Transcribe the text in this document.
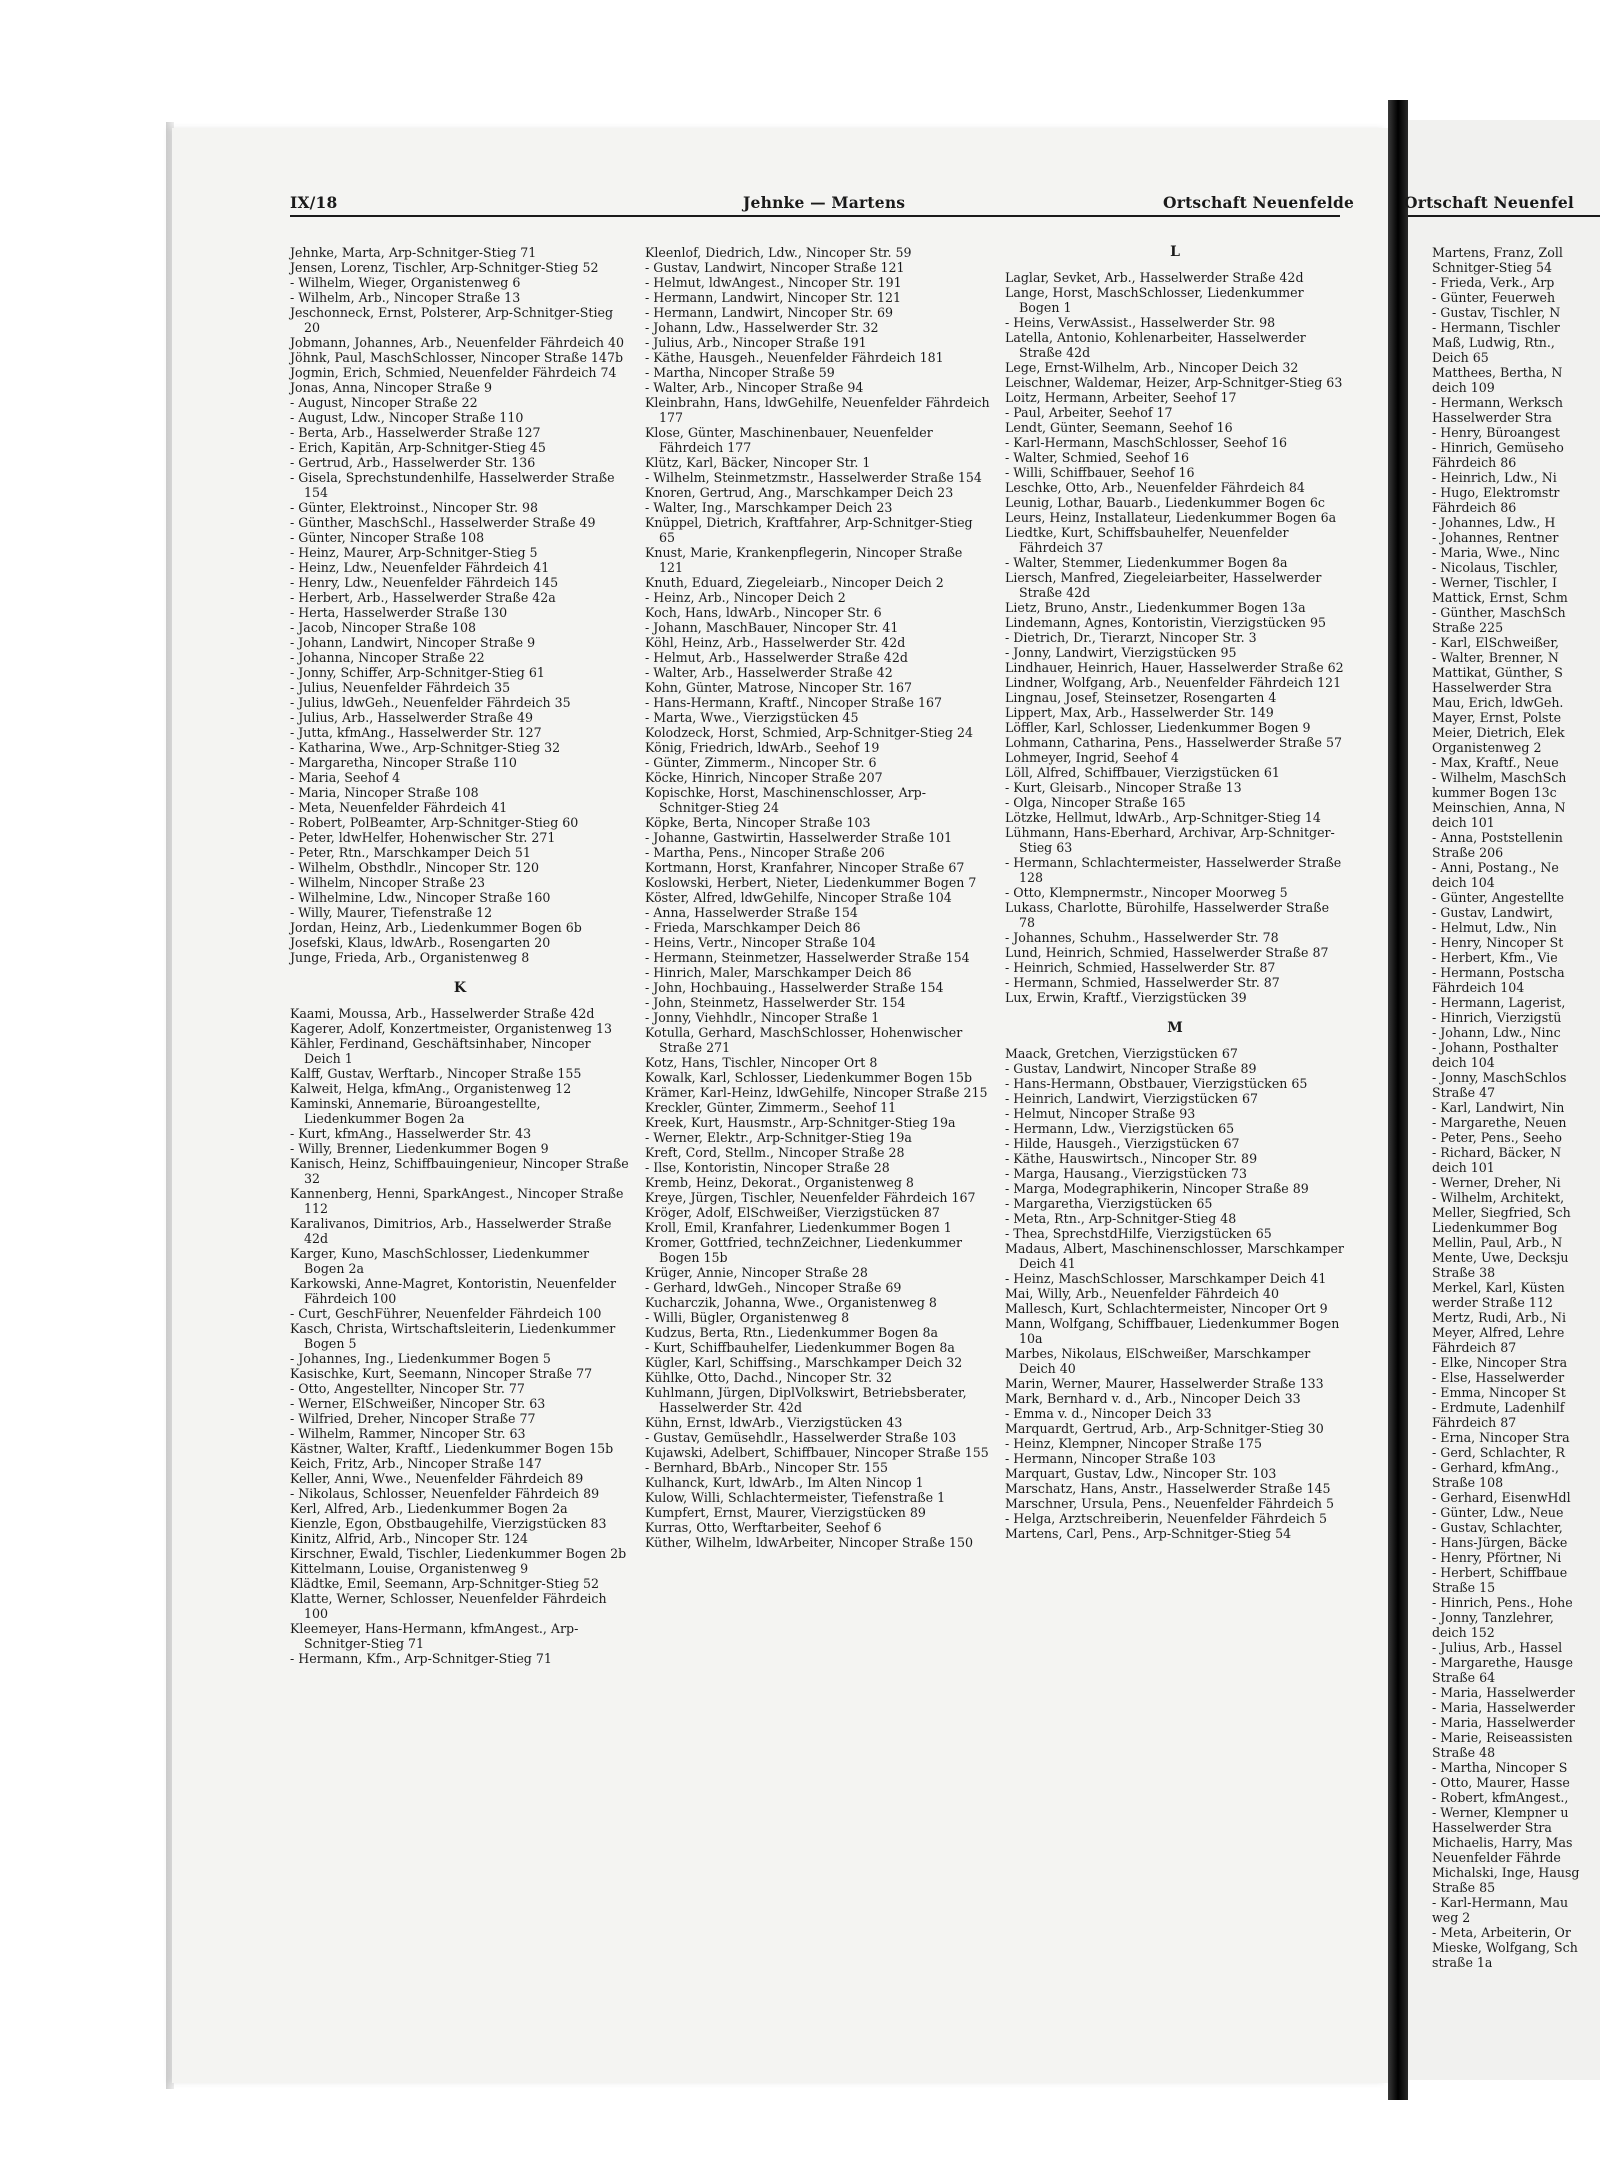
IX/18	Jehnke — Martens	Ortschaft Neuenfelde	Ortschaft Neuenfel
Jehnke, Marta, Arp-Schnitger-Stieg 71
Jensen, Lorenz, Tischler, Arp-Schnitger-Stieg 52
- Wilhelm, Wieger, Organistenweg 6
- Wilhelm, Arb., Nincoper Straße 13
Jeschonneck, Ernst, Polsterer, Arp-Schnitger-Stieg 20
Jobmann, Johannes, Arb., Neuenfelder Fährdeich 40
Jöhnk, Paul, MaschSchlosser, Nincoper Straße 147b
Jogmin, Erich, Schmied, Neuenfelder Fährdeich 74
Jonas, Anna, Nincoper Straße 9
- August, Nincoper Straße 22
- August, Ldw., Nincoper Straße 110
- Berta, Arb., Hasselwerder Straße 127
- Erich, Kapitän, Arp-Schnitger-Stieg 45
- Gertrud, Arb., Hasselwerder Str. 136
- Gisela, Sprechstundenhilfe, Hasselwerder Straße 154
- Günter, Elektroinst., Nincoper Str. 98
- Günther, MaschSchl., Hasselwerder Straße 49
- Günter, Nincoper Straße 108
- Heinz, Maurer, Arp-Schnitger-Stieg 5
- Heinz, Ldw., Neuenfelder Fährdeich 41
- Henry, Ldw., Neuenfelder Fährdeich 145
- Herbert, Arb., Hasselwerder Straße 42a
- Herta, Hasselwerder Straße 130
- Jacob, Nincoper Straße 108
- Johann, Landwirt, Nincoper Straße 9
- Johanna, Nincoper Straße 22
- Jonny, Schiffer, Arp-Schnitger-Stieg 61
- Julius, Neuenfelder Fährdeich 35
- Julius, ldwGeh., Neuenfelder Fährdeich 35
- Julius, Arb., Hasselwerder Straße 49
- Jutta, kfmAng., Hasselwerder Str. 127
- Katharina, Wwe., Arp-Schnitger-Stieg 32
- Margaretha, Nincoper Straße 110
- Maria, Seehof 4
- Maria, Nincoper Straße 108
- Meta, Neuenfelder Fährdeich 41
- Robert, PolBeamter, Arp-Schnitger-Stieg 60
- Peter, ldwHelfer, Hohenwischer Str. 271
- Peter, Rtn., Marschkamper Deich 51
- Wilhelm, Obsthdlr., Nincoper Str. 120
- Wilhelm, Nincoper Straße 23
- Wilhelmine, Ldw., Nincoper Straße 160
- Willy, Maurer, Tiefenstraße 12
Jordan, Heinz, Arb., Liedenkummer Bogen 6b
Josefski, Klaus, ldwArb., Rosengarten 20
Junge, Frieda, Arb., Organistenweg 8
K
Kaami, Moussa, Arb., Hasselwerder Straße 42d
Kagerer, Adolf, Konzertmeister, Organistenweg 13
Kähler, Ferdinand, Geschäftsinhaber, Nincoper Deich 1
Kalff, Gustav, Werftarb., Nincoper Straße 155
Kalweit, Helga, kfmAng., Organistenweg 12
Kaminski, Annemarie, Büroangestellte, Liedenkummer Bogen 2a
- Kurt, kfmAng., Hasselwerder Str. 43
- Willy, Brenner, Liedenkummer Bogen 9
Kanisch, Heinz, Schiffbauingenieur, Nincoper Straße 32
Kannenberg, Henni, SparkAngest., Nincoper Straße 112
Karalivanos, Dimitrios, Arb., Hasselwerder Straße 42d
Karger, Kuno, MaschSchlosser, Liedenkummer Bogen 2a
Karkowski, Anne-Magret, Kontoristin, Neuenfelder Fährdeich 100
- Curt, GeschFührer, Neuenfelder Fährdeich 100
Kasch, Christa, Wirtschaftsleiterin, Liedenkummer Bogen 5
- Johannes, Ing., Liedenkummer Bogen 5
Kasischke, Kurt, Seemann, Nincoper Straße 77
- Otto, Angestellter, Nincoper Str. 77
- Werner, ElSchweißer, Nincoper Str. 63
- Wilfried, Dreher, Nincoper Straße 77
- Wilhelm, Rammer, Nincoper Str. 63
Kästner, Walter, Kraftf., Liedenkummer Bogen 15b
Keich, Fritz, Arb., Nincoper Straße 147
Keller, Anni, Wwe., Neuenfelder Fährdeich 89
- Nikolaus, Schlosser, Neuenfelder Fährdeich 89
Kerl, Alfred, Arb., Liedenkummer Bogen 2a
Kienzle, Egon, Obstbaugehilfe, Vierzigstücken 83
Kinitz, Alfrid, Arb., Nincoper Str. 124
Kirschner, Ewald, Tischler, Liedenkummer Bogen 2b
Kittelmann, Louise, Organistenweg 9
Klädtke, Emil, Seemann, Arp-Schnitger-Stieg 52
Klatte, Werner, Schlosser, Neuenfelder Fährdeich 100
Kleemeyer, Hans-Hermann, kfmAngest., Arp-Schnitger-Stieg 71
- Hermann, Kfm., Arp-Schnitger-Stieg 71
Kleenlof, Diedrich, Ldw., Nincoper Str. 59
- Gustav, Landwirt, Nincoper Straße 121
- Helmut, ldwAngest., Nincoper Str. 191
- Hermann, Landwirt, Nincoper Str. 121
- Hermann, Landwirt, Nincoper Str. 69
- Johann, Ldw., Hasselwerder Str. 32
- Julius, Arb., Nincoper Straße 191
- Käthe, Hausgeh., Neuenfelder Fährdeich 181
- Martha, Nincoper Straße 59
- Walter, Arb., Nincoper Straße 94
Kleinbrahn, Hans, ldwGehilfe, Neuenfelder Fährdeich 177
Klose, Günter, Maschinenbauer, Neuenfelder Fährdeich 177
Klütz, Karl, Bäcker, Nincoper Str. 1
- Wilhelm, Steinmetzmstr., Hasselwerder Straße 154
Knoren, Gertrud, Ang., Marschkamper Deich 23
- Walter, Ing., Marschkamper Deich 23
Knüppel, Dietrich, Kraftfahrer, Arp-Schnitger-Stieg 65
Knust, Marie, Krankenpflegerin, Nincoper Straße 121
Knuth, Eduard, Ziegeleiarb., Nincoper Deich 2
- Heinz, Arb., Nincoper Deich 2
Koch, Hans, ldwArb., Nincoper Str. 6
- Johann, MaschBauer, Nincoper Str. 41
Köhl, Heinz, Arb., Hasselwerder Str. 42d
- Helmut, Arb., Hasselwerder Straße 42d
- Walter, Arb., Hasselwerder Straße 42
Kohn, Günter, Matrose, Nincoper Str. 167
- Hans-Hermann, Kraftf., Nincoper Straße 167
- Marta, Wwe., Vierzigstücken 45
Kolodzeck, Horst, Schmied, Arp-Schnitger-Stieg 24
König, Friedrich, ldwArb., Seehof 19
- Günter, Zimmerm., Nincoper Str. 6
Köcke, Hinrich, Nincoper Straße 207
Kopischke, Horst, Maschinenschlosser, Arp-Schnitger-Stieg 24
Köpke, Berta, Nincoper Straße 103
- Johanne, Gastwirtin, Hasselwerder Straße 101
- Martha, Pens., Nincoper Straße 206
Kortmann, Horst, Kranfahrer, Nincoper Straße 67
Koslowski, Herbert, Nieter, Liedenkummer Bogen 7
Köster, Alfred, ldwGehilfe, Nincoper Straße 104
- Anna, Hasselwerder Straße 154
- Frieda, Marschkamper Deich 86
- Heins, Vertr., Nincoper Straße 104
- Hermann, Steinmetzer, Hasselwerder Straße 154
- Hinrich, Maler, Marschkamper Deich 86
- John, Hochbauing., Hasselwerder Straße 154
- John, Steinmetz, Hasselwerder Str. 154
- Jonny, Viehhdlr., Nincoper Straße 1
Kotulla, Gerhard, MaschSchlosser, Hohenwischer Straße 271
Kotz, Hans, Tischler, Nincoper Ort 8
Kowalk, Karl, Schlosser, Liedenkummer Bogen 15b
Krämer, Karl-Heinz, ldwGehilfe, Nincoper Straße 215
Kreckler, Günter, Zimmerm., Seehof 11
Kreek, Kurt, Hausmstr., Arp-Schnitger-Stieg 19a
- Werner, Elektr., Arp-Schnitger-Stieg 19a
Kreft, Cord, Stellm., Nincoper Straße 28
- Ilse, Kontoristin, Nincoper Straße 28
Kremb, Heinz, Dekorat., Organistenweg 8
Kreye, Jürgen, Tischler, Neuenfelder Fährdeich 167
Kröger, Adolf, ElSchweißer, Vierzigstücken 87
Kroll, Emil, Kranfahrer, Liedenkummer Bogen 1
Kromer, Gottfried, technZeichner, Liedenkummer Bogen 15b
Krüger, Annie, Nincoper Straße 28
- Gerhard, ldwGeh., Nincoper Straße 69
Kucharczik, Johanna, Wwe., Organistenweg 8
- Willi, Bügler, Organistenweg 8
Kudzus, Berta, Rtn., Liedenkummer Bogen 8a
- Kurt, Schiffbauhelfer, Liedenkummer Bogen 8a
Kügler, Karl, Schiffsing., Marschkamper Deich 32
Kühlke, Otto, Dachd., Nincoper Str. 32
Kuhlmann, Jürgen, DiplVolkswirt, Betriebsberater, Hasselwerder Str. 42d
Kühn, Ernst, ldwArb., Vierzigstücken 43
- Gustav, Gemüsehdlr., Hasselwerder Straße 103
Kujawski, Adelbert, Schiffbauer, Nincoper Straße 155
- Bernhard, BbArb., Nincoper Str. 155
Kulhanck, Kurt, ldwArb., Im Alten Nincop 1
Kulow, Willi, Schlachtermeister, Tiefenstraße 1
Kumpfert, Ernst, Maurer, Vierzigstücken 89
Kurras, Otto, Werftarbeiter, Seehof 6
Küther, Wilhelm, ldwArbeiter, Nincoper Straße 150
L
Laglar, Sevket, Arb., Hasselwerder Straße 42d
Lange, Horst, MaschSchlosser, Liedenkummer Bogen 1
- Heins, VerwAssist., Hasselwerder Str. 98
Latella, Antonio, Kohlenarbeiter, Hasselwerder Straße 42d
Lege, Ernst-Wilhelm, Arb., Nincoper Deich 32
Leischner, Waldemar, Heizer, Arp-Schnitger-Stieg 63
Loitz, Hermann, Arbeiter, Seehof 17
- Paul, Arbeiter, Seehof 17
Lendt, Günter, Seemann, Seehof 16
- Karl-Hermann, MaschSchlosser, Seehof 16
- Walter, Schmied, Seehof 16
- Willi, Schiffbauer, Seehof 16
Leschke, Otto, Arb., Neuenfelder Fährdeich 84
Leunig, Lothar, Bauarb., Liedenkummer Bogen 6c
Leurs, Heinz, Installateur, Liedenkummer Bogen 6a
Liedtke, Kurt, Schiffsbauhelfer, Neuenfelder Fährdeich 37
- Walter, Stemmer, Liedenkummer Bogen 8a
Liersch, Manfred, Ziegeleiarbeiter, Hasselwerder Straße 42d
Lietz, Bruno, Anstr., Liedenkummer Bogen 13a
Lindemann, Agnes, Kontoristin, Vierzigstücken 95
- Dietrich, Dr., Tierarzt, Nincoper Str. 3
- Jonny, Landwirt, Vierzigstücken 95
Lindhauer, Heinrich, Hauer, Hasselwerder Straße 62
Lindner, Wolfgang, Arb., Neuenfelder Fährdeich 121
Lingnau, Josef, Steinsetzer, Rosengarten 4
Lippert, Max, Arb., Hasselwerder Str. 149
Löffler, Karl, Schlosser, Liedenkummer Bogen 9
Lohmann, Catharina, Pens., Hasselwerder Straße 57
Lohmeyer, Ingrid, Seehof 4
Löll, Alfred, Schiffbauer, Vierzigstücken 61
- Kurt, Gleisarb., Nincoper Straße 13
- Olga, Nincoper Straße 165
Lötzke, Hellmut, ldwArb., Arp-Schnitger-Stieg 14
Lühmann, Hans-Eberhard, Archivar, Arp-Schnitger-Stieg 63
- Hermann, Schlachtermeister, Hasselwerder Straße 128
- Otto, Klempnermstr., Nincoper Moorweg 5
Lukass, Charlotte, Bürohilfe, Hasselwerder Straße 78
- Johannes, Schuhm., Hasselwerder Str. 78
Lund, Heinrich, Schmied, Hasselwerder Straße 87
- Heinrich, Schmied, Hasselwerder Str. 87
- Hermann, Schmied, Hasselwerder Str. 87
Lux, Erwin, Kraftf., Vierzigstücken 39
M
Maack, Gretchen, Vierzigstücken 67
- Gustav, Landwirt, Nincoper Straße 89
- Hans-Hermann, Obstbauer, Vierzigstücken 65
- Heinrich, Landwirt, Vierzigstücken 67
- Helmut, Nincoper Straße 93
- Hermann, Ldw., Vierzigstücken 65
- Hilde, Hausgeh., Vierzigstücken 67
- Käthe, Hauswirtsch., Nincoper Str. 89
- Marga, Hausang., Vierzigstücken 73
- Marga, Modegraphikerin, Nincoper Straße 89
- Margaretha, Vierzigstücken 65
- Meta, Rtn., Arp-Schnitger-Stieg 48
- Thea, SprechstdHilfe, Vierzigstücken 65
Madaus, Albert, Maschinenschlosser, Marschkamper Deich 41
- Heinz, MaschSchlosser, Marschkamper Deich 41
Mai, Willy, Arb., Neuenfelder Fährdeich 40
Mallesch, Kurt, Schlachtermeister, Nincoper Ort 9
Mann, Wolfgang, Schiffbauer, Liedenkummer Bogen 10a
Marbes, Nikolaus, ElSchweißer, Marschkamper Deich 40
Marin, Werner, Maurer, Hasselwerder Straße 133
Mark, Bernhard v. d., Arb., Nincoper Deich 33
- Emma v. d., Nincoper Deich 33
Marquardt, Gertrud, Arb., Arp-Schnitger-Stieg 30
- Heinz, Klempner, Nincoper Straße 175
- Hermann, Nincoper Straße 103
Marquart, Gustav, Ldw., Nincoper Str. 103
Marschatz, Hans, Anstr., Hasselwerder Straße 145
Marschner, Ursula, Pens., Neuenfelder Fährdeich 5
- Helga, Arztschreiberin, Neuenfelder Fährdeich 5
Martens, Carl, Pens., Arp-Schnitger-Stieg 54
Martens, Franz, Zoll
Schnitger-Stieg 54
- Frieda, Verk., Arp
- Günter, Feuerweh
- Gustav, Tischler, N
- Hermann, Tischler
Maß, Ludwig, Rtn.,
Deich 65
Matthees, Bertha, N
deich 109
- Hermann, Werksch
Hasselwerder Stra
- Henry, Büroangest
- Hinrich, Gemüseho
Fährdeich 86
- Heinrich, Ldw., Ni
- Hugo, Elektromstr
Fährdeich 86
- Johannes, Ldw., H
- Johannes, Rentner
- Maria, Wwe., Ninc
- Nicolaus, Tischler,
- Werner, Tischler, I
Mattick, Ernst, Schm
- Günther, MaschSch
Straße 225
- Karl, ElSchweißer,
- Walter, Brenner, N
Mattikat, Günther, S
Hasselwerder Stra
Mau, Erich, ldwGeh.
Mayer, Ernst, Polste
Meier, Dietrich, Elek
Organistenweg 2
- Max, Kraftf., Neue
- Wilhelm, MaschSch
kummer Bogen 13c
Meinschien, Anna, N
deich 101
- Anna, Poststellenin
Straße 206
- Anni, Postang., Ne
deich 104
- Günter, Angestellte
- Gustav, Landwirt,
- Helmut, Ldw., Nin
- Henry, Nincoper St
- Herbert, Kfm., Vie
- Hermann, Postscha
Fährdeich 104
- Hermann, Lagerist,
- Hinrich, Vierzigstü
- Johann, Ldw., Ninc
- Johann, Posthalter
deich 104
- Jonny, MaschSchlos
Straße 47
- Karl, Landwirt, Nin
- Margarethe, Neuen
- Peter, Pens., Seeho
- Richard, Bäcker, N
deich 101
- Werner, Dreher, Ni
- Wilhelm, Architekt,
Meller, Siegfried, Sch
Liedenkummer Bog
Mellin, Paul, Arb., N
Mente, Uwe, Decksju
Straße 38
Merkel, Karl, Küsten
werder Straße 112
Mertz, Rudi, Arb., Ni
Meyer, Alfred, Lehre
Fährdeich 87
- Elke, Nincoper Stra
- Else, Hasselwerder
- Emma, Nincoper St
- Erdmute, Ladenhilf
Fährdeich 87
- Erna, Nincoper Stra
- Gerd, Schlachter, R
- Gerhard, kfmAng.,
Straße 108
- Gerhard, EisenwHdl
- Günter, Ldw., Neue
- Gustav, Schlachter,
- Hans-Jürgen, Bäcke
- Henry, Pförtner, Ni
- Herbert, Schiffbaue
Straße 15
- Hinrich, Pens., Hohe
- Jonny, Tanzlehrer,
deich 152
- Julius, Arb., Hassel
- Margarethe, Hausge
Straße 64
- Maria, Hasselwerder
- Maria, Hasselwerder
- Maria, Hasselwerder
- Marie, Reiseassisten
Straße 48
- Martha, Nincoper S
- Otto, Maurer, Hasse
- Robert, kfmAngest.,
- Werner, Klempner u
Hasselwerder Stra
Michaelis, Harry, Mas
Neuenfelder Fährde
Michalski, Inge, Hausg
Straße 85
- Karl-Hermann, Mau
weg 2
- Meta, Arbeiterin, Or
Mieske, Wolfgang, Sch
straße 1a
